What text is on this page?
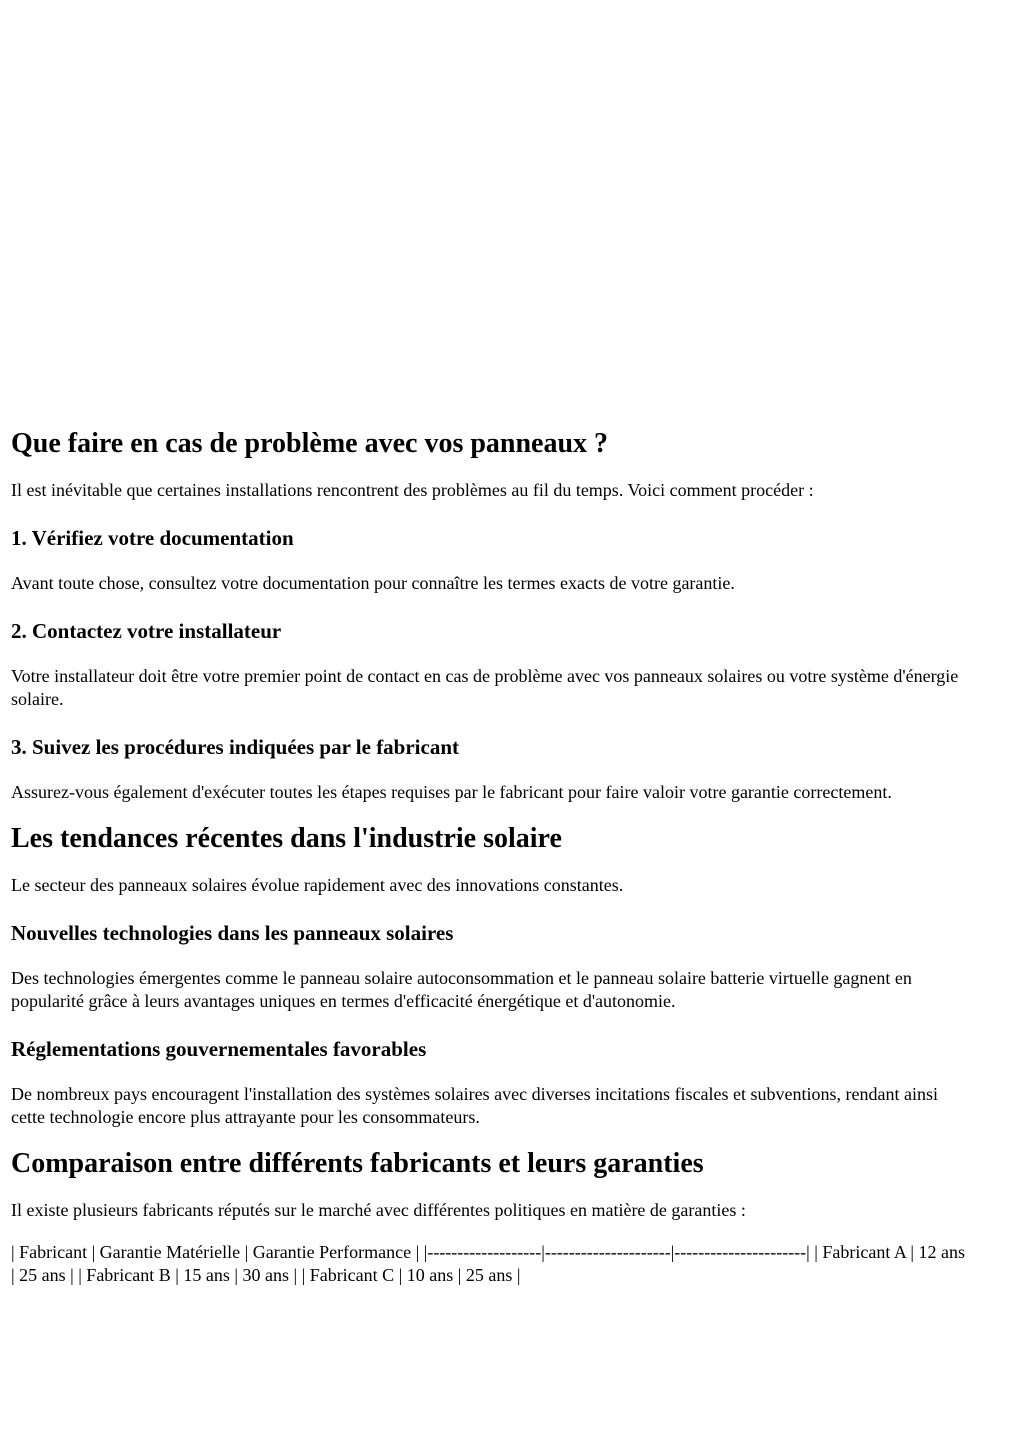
Que faire en cas de problème avec vos panneaux ?

Il est inévitable que certaines installations rencontrent des problèmes au fil du temps. Voici comment procéder :

1. Vérifiez votre documentation

Avant toute chose, consultez votre documentation pour connaître les termes exacts de votre garantie.

2. Contactez votre installateur

Votre installateur doit être votre premier point de contact en cas de problème avec vos panneaux solaires ou votre système d'énergie solaire.

3. Suivez les procédures indiquées par le fabricant

Assurez-vous également d'exécuter toutes les étapes requises par le fabricant pour faire valoir votre garantie correctement.

Les tendances récentes dans l'industrie solaire

Le secteur des panneaux solaires évolue rapidement avec des innovations constantes.

Nouvelles technologies dans les panneaux solaires

Des technologies émergentes comme le panneau solaire autoconsommation et le panneau solaire batterie virtuelle gagnent en popularité grâce à leurs avantages uniques en termes d'efficacité énergétique et d'autonomie.

Réglementations gouvernementales favorables

De nombreux pays encouragent l'installation des systèmes solaires avec diverses incitations fiscales et subventions, rendant ainsi cette technologie encore plus attrayante pour les consommateurs.

Comparaison entre différents fabricants et leurs garanties

Il existe plusieurs fabricants réputés sur le marché avec différentes politiques en matière de garanties :

| Fabricant | Garantie Matérielle | Garantie Performance | |-------------------|---------------------|----------------------| | Fabricant A | 12 ans | 25 ans | | Fabricant B | 15 ans | 30 ans | | Fabricant C | 10 ans | 25 ans |
